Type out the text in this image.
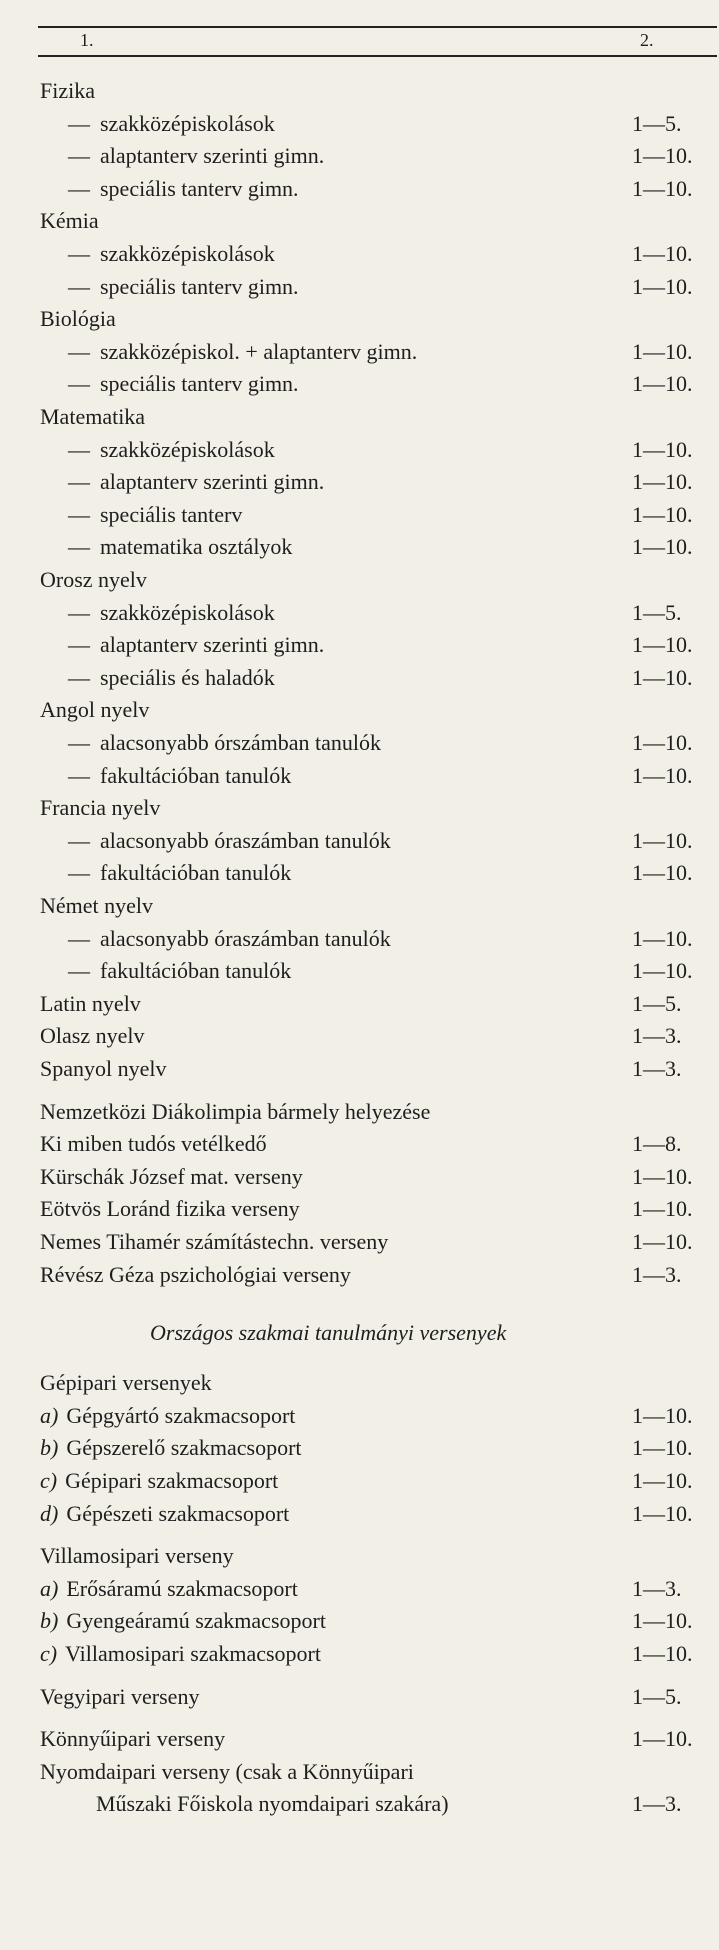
1.	2.
Fizika
— szakközépiskolások	1—5.
— alaptanterv szerinti gimn.	1—10.
— speciális tanterv gimn.	1—10.
Kémia
— szakközépiskolások	1—10.
— speciális tanterv gimn.	1—10.
Biológia
— szakközépiskol. + alaptanterv gimn.	1—10.
— speciális tanterv gimn.	1—10.
Matematika
— szakközépiskolások	1—10.
— alaptanterv szerinti gimn.	1—10.
— speciális tanterv	1—10.
— matematika osztályok	1—10.
Orosz nyelv
— szakközépiskolások	1—5.
— alaptanterv szerinti gimn.	1—10.
— speciális és haladók	1—10.
Angol nyelv
— alacsonyabb órszámban tanulók	1—10.
— fakultációban tanulók	1—10.
Francia nyelv
— alacsonyabb óraszámban tanulók	1—10.
— fakultációban tanulók	1—10.
Német nyelv
— alacsonyabb óraszámban tanulók	1—10.
— fakultációban tanulók	1—10.
Latin nyelv	1—5.
Olasz nyelv	1—3.
Spanyol nyelv	1—3.
Nemzetközi Diákolimpia bármely helyezése
Ki miben tudós vetélkedő	1—8.
Kürschák József mat. verseny	1—10.
Eötvös Loránd fizika verseny	1—10.
Nemes Tihamér számítástechn. verseny	1—10.
Révész Géza pszichológiai verseny	1—3.
Országos szakmai tanulmányi versenyek
Gépipari versenyek
a) Gépgyártó szakmacsoport	1—10.
b) Gépszerelő szakmacsoport	1—10.
c) Gépipari szakmacsoport	1—10.
d) Gépészeti szakmacsoport	1—10.
Villamosipari verseny
a) Erősáramú szakmacsoport	1—3.
b) Gyengeáramú szakmacsoport	1—10.
c) Villamosipari szakmacsoport	1—10.
Vegyipari verseny	1—5.
Könnyűipari verseny	1—10.
Nyomdaipari verseny (csak a Könnyűipari
Műszaki Főiskola nyomdaipari szakára)	1—3.
